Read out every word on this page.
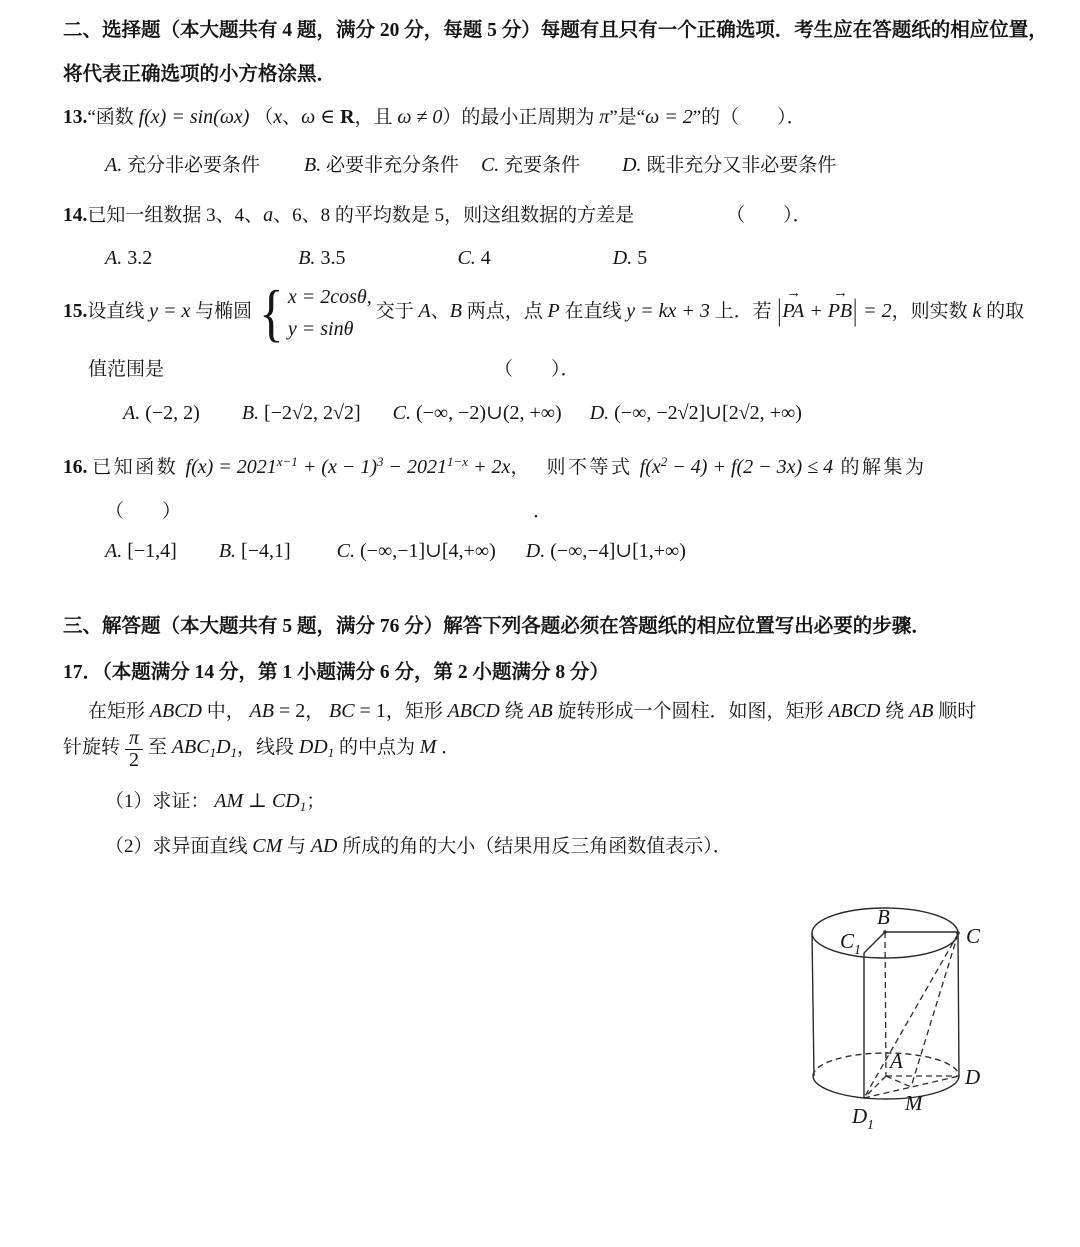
二、选择题（本大题共有 4 题，满分 20 分，每题 5 分）每题有且只有一个正确选项．考生应在答题纸的相应位置，
将代表正确选项的小方格涂黑．
13.“函数 f(x) = sin(ωx) （x、ω ∈ R，且 ω ≠ 0）的最小正周期为 π”是“ω = 2”的（　　）．
A. 充分非必要条件 B. 必要非充分条件 C. 充要条件 D. 既非充分又非必要条件
14.已知一组数据 3、4、a、6、8 的平均数是 5，则这组数据的方差是	（　　）．
A. 3.2	B. 3.5	C. 4	D. 5
15.设直线 y = x 与椭圆 { x = 2cosθ,
y = sinθ
交于 A、B 两点，点 P 在直线 y = kx + 3 上．若 |PA
→
+ PB
→
| = 2，则实数 k 的取
值范围是	（　　）．
A. (−2, 2) B. [−2√2, 2√2] C. (−∞, −2)∪(2, +∞) D. (−∞, −2√2]∪[2√2, +∞)
16. 已知函数 $f(x) = 2021^{x-1} + (x - 1)^3 - 2021^{1-x} + 2x$，  则不等式 $f(x^2 - 4) + f(2 - 3x) \le 4$ 的解集为
（　　）	．
A. [−1,4] B. [−4,1] C. (−∞,−1]∪[4,+∞) D. (−∞,−4]∪[1,+∞)
三、解答题（本大题共有 5 题，满分 76 分）解答下列各题必须在答题纸的相应位置写出必要的步骤．
17．（本题满分 14 分，第 1 小题满分 6 分，第 2 小题满分 8 分）
在矩形 ABCD 中， AB = 2， BC = 1，矩形 ABCD 绕 AB 旋转形成一个圆柱．如图，矩形 ABCD 绕 AB 顺时
针旋转 $\frac{\pi}{2}$ 至 $ABC_1D_1$，线段 $DD_1$ 的中点为 M ．
（1）求证： AM ⊥ $CD_1$；
（2）求异面直线 CM 与 AD 所成的角的大小（结果用反三角函数值表示）．
B
C
C 1
A
D
D 1
M
